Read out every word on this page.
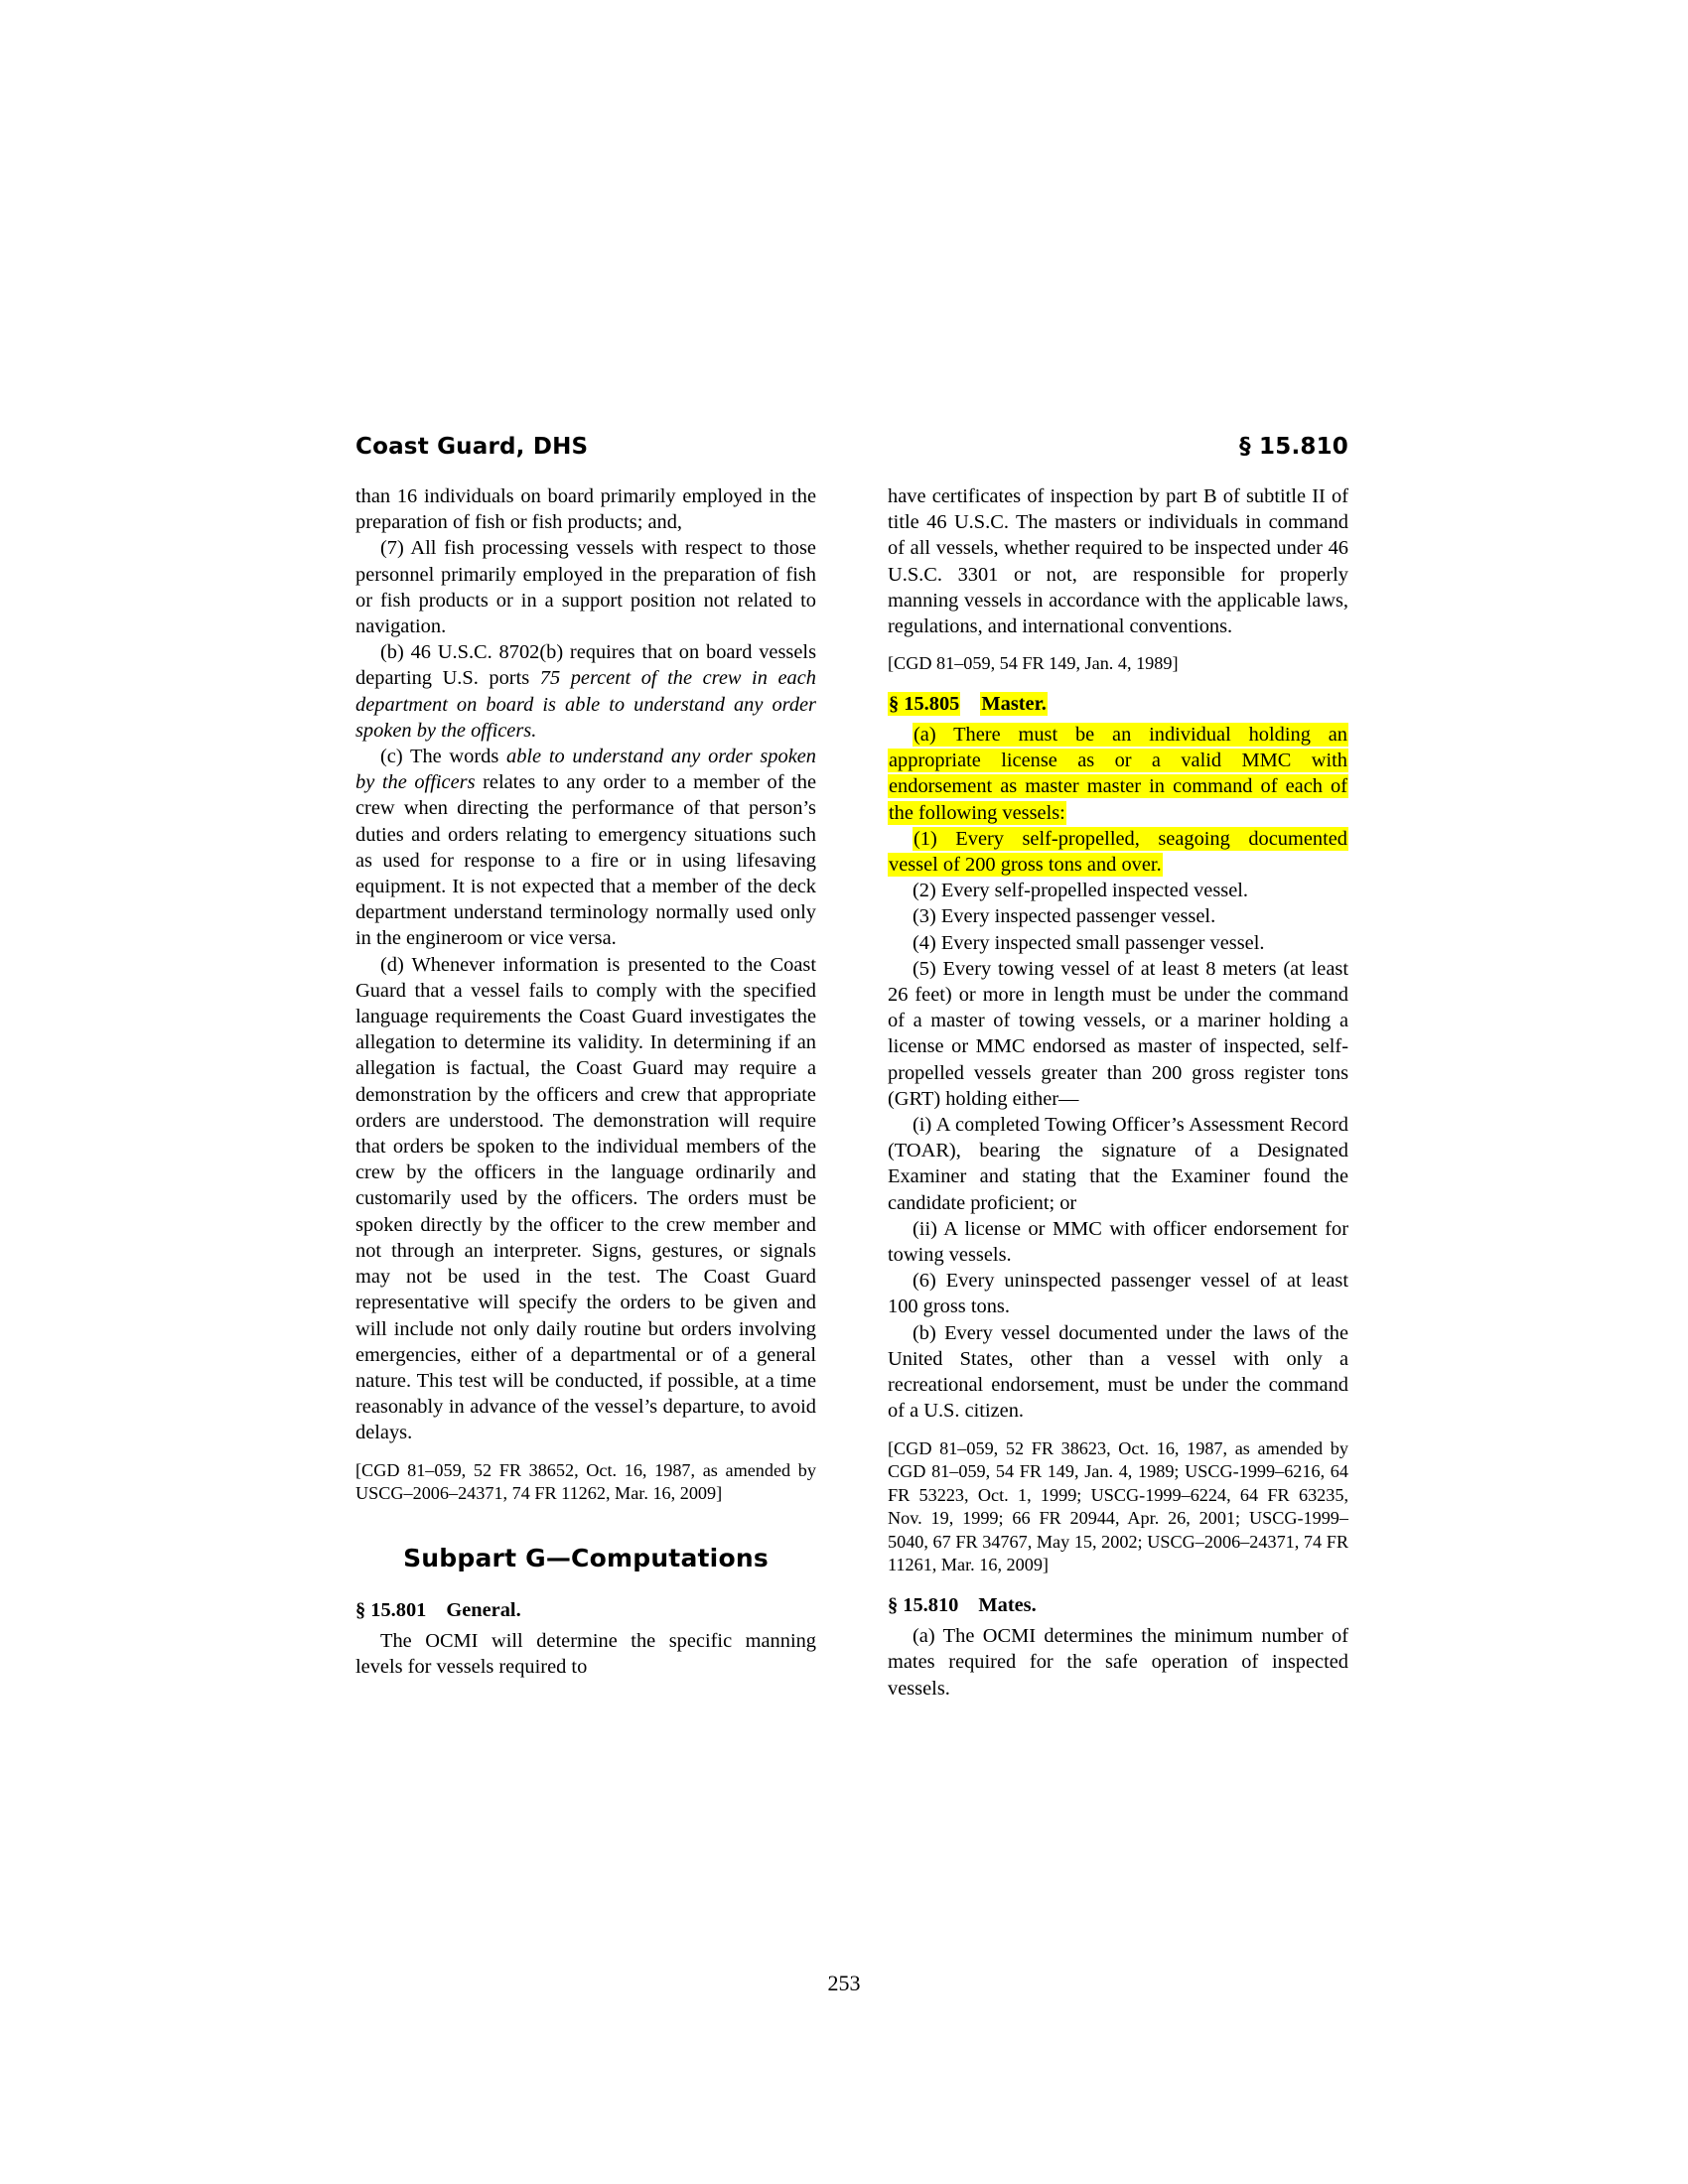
Coast Guard, DHS	§ 15.810

than 16 individuals on board primarily employed in the preparation of fish or fish products; and,

(7) All fish processing vessels with respect to those personnel primarily employed in the preparation of fish or fish products or in a support position not related to navigation.

(b) 46 U.S.C. 8702(b) requires that on board vessels departing U.S. ports 75 percent of the crew in each department on board is able to understand any order spoken by the officers.

(c) The words able to understand any order spoken by the officers relates to any order to a member of the crew when directing the performance of that person’s duties and orders relating to emergency situations such as used for response to a fire or in using lifesaving equipment. It is not expected that a member of the deck department understand terminology normally used only in the engineroom or vice versa.

(d) Whenever information is presented to the Coast Guard that a vessel fails to comply with the specified language requirements the Coast Guard investigates the allegation to determine its validity. In determining if an allegation is factual, the Coast Guard may require a demonstration by the officers and crew that appropriate orders are understood. The demonstration will require that orders be spoken to the individual members of the crew by the officers in the language ordinarily and customarily used by the officers. The orders must be spoken directly by the officer to the crew member and not through an interpreter. Signs, gestures, or signals may not be used in the test. The Coast Guard representative will specify the orders to be given and will include not only daily routine but orders involving emergencies, either of a departmental or of a general nature. This test will be conducted, if possible, at a time reasonably in advance of the vessel’s departure, to avoid delays.

[CGD 81–059, 52 FR 38652, Oct. 16, 1987, as amended by USCG–2006–24371, 74 FR 11262, Mar. 16, 2009]

Subpart G—Computations

§ 15.801 General.

The OCMI will determine the specific manning levels for vessels required to

have certificates of inspection by part B of subtitle II of title 46 U.S.C. The masters or individuals in command of all vessels, whether required to be inspected under 46 U.S.C. 3301 or not, are responsible for properly manning vessels in accordance with the applicable laws, regulations, and international conventions.

[CGD 81–059, 54 FR 149, Jan. 4, 1989]

§ 15.805 Master.

(a) There must be an individual holding an appropriate license as or a valid MMC with endorsement as master master in command of each of the following vessels:

(1) Every self-propelled, seagoing documented vessel of 200 gross tons and over.

(2) Every self-propelled inspected vessel.

(3) Every inspected passenger vessel.

(4) Every inspected small passenger vessel.

(5) Every towing vessel of at least 8 meters (at least 26 feet) or more in length must be under the command of a master of towing vessels, or a mariner holding a license or MMC endorsed as master of inspected, self-propelled vessels greater than 200 gross register tons (GRT) holding either—

(i) A completed Towing Officer’s Assessment Record (TOAR), bearing the signature of a Designated Examiner and stating that the Examiner found the candidate proficient; or

(ii) A license or MMC with officer endorsement for towing vessels.

(6) Every uninspected passenger vessel of at least 100 gross tons.

(b) Every vessel documented under the laws of the United States, other than a vessel with only a recreational endorsement, must be under the command of a U.S. citizen.

[CGD 81–059, 52 FR 38623, Oct. 16, 1987, as amended by CGD 81–059, 54 FR 149, Jan. 4, 1989; USCG-1999–6216, 64 FR 53223, Oct. 1, 1999; USCG-1999–6224, 64 FR 63235, Nov. 19, 1999; 66 FR 20944, Apr. 26, 2001; USCG-1999–5040, 67 FR 34767, May 15, 2002; USCG–2006–24371, 74 FR 11261, Mar. 16, 2009]

§ 15.810 Mates.

(a) The OCMI determines the minimum number of mates required for the safe operation of inspected vessels.

253
